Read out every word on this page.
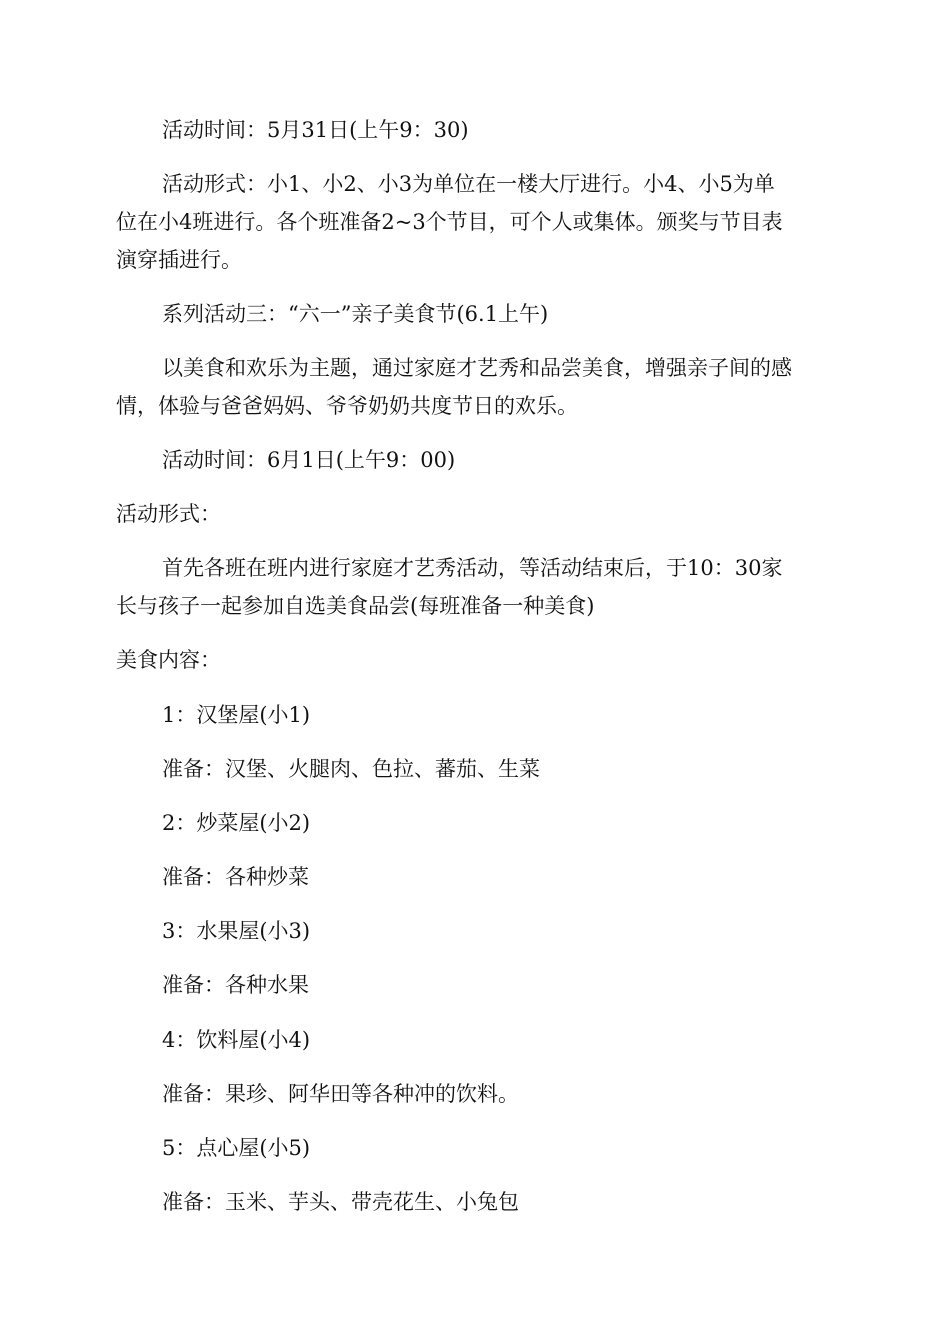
活动时间：5月31日(上午9：30)

活动形式：小1、小2、小3为单位在一楼大厅进行。小4、小5为单

位在小4班进行。各个班准备2~3个节目，可个人或集体。颁奖与节目表

演穿插进行。

系列活动三：“六一”亲子美食节(6.1上午)

以美食和欢乐为主题，通过家庭才艺秀和品尝美食，增强亲子间的感

情，体验与爸爸妈妈、爷爷奶奶共度节日的欢乐。

活动时间：6月1日(上午9：00)

活动形式：

首先各班在班内进行家庭才艺秀活动，等活动结束后，于10：30家

长与孩子一起参加自选美食品尝(每班准备一种美食)

美食内容：

1：汉堡屋(小1)

准备：汉堡、火腿肉、色拉、蕃茄、生菜

2：炒菜屋(小2)

准备：各种炒菜

3：水果屋(小3)

准备：各种水果

4：饮料屋(小4)

准备：果珍、阿华田等各种冲的饮料。

5：点心屋(小5)

准备：玉米、芋头、带壳花生、小兔包
